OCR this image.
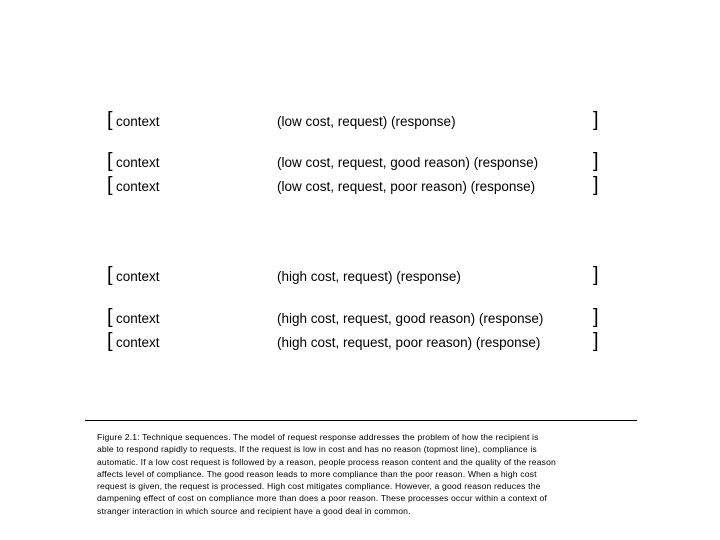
[ context	(low cost, request) (response)	]
[ context	(low cost, request, good reason) (response)	]
[ context	(low cost, request, poor reason) (response)	]
[ context	(high cost, request) (response)	]
[ context	(high cost, request, good reason) (response) ]
[ context	(high cost, request, poor reason) (response)	]
Figure 2.1: Technique sequences. The model of request response addresses the problem of how the recipient is
able to respond rapidly to requests. If the request is low in cost and has no reason (topmost line), compliance is
automatic. If a low cost request is followed by a reason, people process reason content and the quality of the reason
affects level of compliance. The good reason leads to more compliance than the poor reason. When a high cost
request is given, the request is processed. High cost mitigates compliance. However, a good reason reduces the
dampening effect of cost on compliance more than does a poor reason. These processes occur within a context of
stranger interaction in which source and recipient have a good deal in common.
